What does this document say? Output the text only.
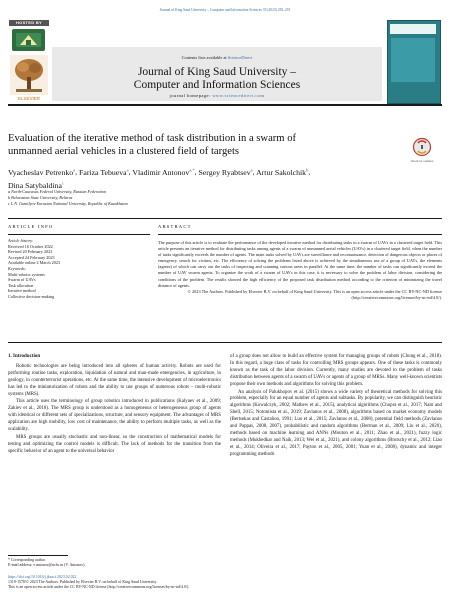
Journal of King Saud University – Computer and Information Sciences 35 (2023) 283–291
HOSTED BY
ELSEVIER
Contents lists available at ScienceDirect
Journal of King Saud University –
Computer and Information Sciences
journal homepage: www.sciencedirect.com
Evaluation of the iterative method of task distribution in a swarm of
unmanned aerial vehicles in a clustered field of targets
Check for updates
Vyacheslav Petrenko$^a$, Fariza Tebueva$^a$, Vladimir Antonov$^{a,*}$, Sergey Ryabtsev$^a$, Artur Sakolchik$^b$,
Dina Satybaldina$^c$
a North-Caucasus Federal University, Russian Federation
b Belarusian State University, Belarus
c L.N. Gumilyov Eurasian National University, Republic of Kazakhstan
ARTICLE INFO	ABSTRACT
Article history:
Received 16 October 2022
Revised 20 February 2023
Accepted 24 February 2023
Available online 2 March 2023
Keywords:
Multi-robotic systems
Swarm of UAVs
Task allocation
Iterative method
Collective decision-making
The purpose of this article is to evaluate the performance of the developed iterative method for distributing tasks in a swarm of UAVs in a clustered target field. This article presents an iterative method for distributing tasks among agents of a swarm of unmanned aerial vehicles (UAVs) in a clustered target field, when the number of tasks significantly exceeds the number of agents. The main tasks solved by UAVs are surveillance and reconnaissance, detection of dangerous objects or places of emergency, search for victims, etc. The efficiency of solving the problems listed above is achieved by the simultaneous use of a group of UAVs, the elements (agents) of which can carry out the tasks of inspecting and scanning various areas in parallel. At the same time, the number of tasks can significantly exceed the number of UAV swarm agents. To organize the work of a swarm of UAVs in this case, it is necessary to solve the problem of labor division, considering the conditions of the problem. The results showed the high efficiency of the proposed task distribution method according to the criterion of minimizing the travel distance of agents.
© 2023 The Authors. Published by Elsevier B.V. on behalf of King Saud University. This is an open access article under the CC BY-NC-ND license (http://creativecommons.org/licenses/by-nc-nd/4.0/).
1. Introduction

Robotic technologies are being introduced into all spheres of human activity. Robots are used for performing routine tasks, exploration, liquidation of natural and man-made emergencies, in agriculture, in geology, in counterterrorist operations, etc. At the same time, the intensive development of microelectronics has led to the miniaturization of robots and the ability to use groups of numerous robots – multi-robotic systems (MRS).

This article uses the terminology of group robotics introduced in publications (Kalyaev et al., 2009; Zakiev et al., 2018). The MRS group is understood as a homogeneous or heterogeneous group of agents with identical or different sets of specializations, structure, and sensory equipment. The advantages of MRS application are high mobility, low cost of maintenance, the ability to perform multiple tasks, as well as the scalability.

MRS groups are usually stochastic and non-linear, so the construction of mathematical models for testing and optimizing the control models is difficult. The lack of methods for the transition from the specific behavior of an agent to the universal behavior

of a group does not allow to build an effective system for managing groups of robots (Chung et al., 2018). In this regard, a huge class of tasks for controlling MRS groups appears. One of these tasks is commonly known as the task of the labor division. Currently, many studies are devoted to the problem of tasks distribution between agents of a swarm of UAVs or agents of a group of MRSs. Many well-known scientists propose their own methods and algorithms for solving this problem.

An analysis of Palukhopov et al. (2015) shows a wide variety of theoretical methods for solving this problem, especially for an equal number of agents and subtasks. By popularity, we can distinguish heuristic algorithms (Kowalczyk, 2002; Mathew et al., 2015), analytical algorithms (Chopra et al., 2017; Nam and Shell, 2015; Notomista et al., 2019; Zavlanos et al., 2008), algorithms based on market economy models (Bertsekas and Castañon, 1991; Luo et al., 2015; Zavlanos et al., 2008), potential field methods (Zavlanos and Pappas, 2008, 2007), probabilistic and random algorithms (Berman et al., 2009; Liu et al., 2020), methods based on machine learning and ANNs (Mouton et al., 2011; Zhao et al., 2021), fuzzy logic methods (Mukhedkar and Naik, 2013; Wei et al., 2021), and colony algorithms (Brutschy et al., 2012; Liao et al., 2014; Oliveira et al., 2017; Payton et al., 2005, 2001; Yuan et al., 2008), dynamic and integer programming methods

* Corresponding author.
E-mail address: v.antonov@ncfu.ru (V. Antonov).
https://doi.org/10.1016/j.jksuci.2023.02.022
1319-1578/© 2023 The Authors. Published by Elsevier B.V. on behalf of King Saud University.
This is an open access article under the CC BY-NC-ND license (http://creativecommons.org/licenses/by-nc-nd/4.0/).
